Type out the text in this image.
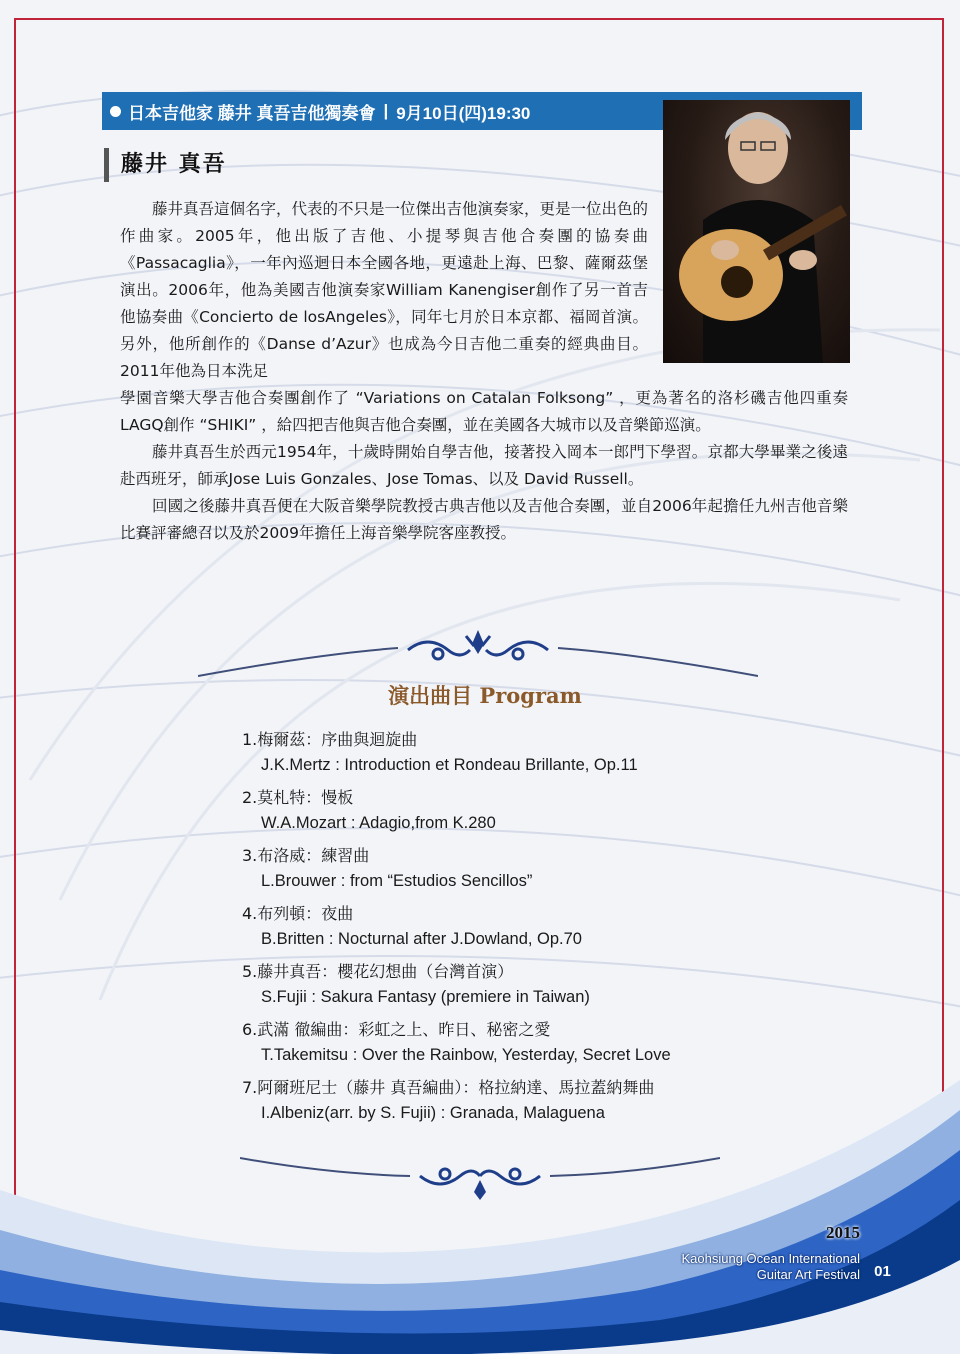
日本吉他家 藤井 真吾吉他獨奏會 | 9月10日(四)19:30
藤井 真吾

藤井真吾這個名字，代表的不只是一位傑出吉他演奏家，更是一位出色的作曲家。2005年，他出版了吉他、小提琴與吉他合奏團的協奏曲《Passacaglia》，一年內巡迴日本全國各地，更遠赴上海、巴黎、薩爾茲堡演出。2006年，他為美國吉他演奏家William Kanengiser創作了另一首吉他協奏曲《Concierto de losAngeles》，同年七月於日本京都、福岡首演。另外，他所創作的《Danse d’Azur》也成為今日吉他二重奏的經典曲目。2011年他為日本洗足

學園音樂大學吉他合奏團創作了 “Variations on Catalan Folksong” ，更為著名的洛杉磯吉他四重奏LAGQ創作 “SHIKI” ，給四把吉他與吉他合奏團，並在美國各大城市以及音樂節巡演。

藤井真吾生於西元1954年，十歲時開始自學吉他，接著投入岡本一郎門下學習。京都大學畢業之後遠赴西班牙，師承Jose Luis Gonzales、Jose Tomas、以及 David Russell。

回國之後藤井真吾便在大阪音樂學院教授古典吉他以及吉他合奏團，並自2006年起擔任九州吉他音樂比賽評審總召以及於2009年擔任上海音樂學院客座教授。

演出曲目 Program
1.梅爾茲：序曲與迴旋曲
J.K.Mertz : Introduction et Rondeau Brillante, Op.11
2.莫札特：慢板
W.A.Mozart : Adagio,from K.280
3.布洛威：練習曲
L.Brouwer : from “Estudios Sencillos”
4.布列頓：夜曲
B.Britten : Nocturnal after J.Dowland, Op.70
5.藤井真吾：櫻花幻想曲（台灣首演）
S.Fujii : Sakura Fantasy (premiere in Taiwan)
6.武滿 徹編曲：彩虹之上、昨日、秘密之愛
T.Takemitsu : Over the Rainbow, Yesterday, Secret Love
7.阿爾班尼士（藤井 真吾編曲）：格拉納達、馬拉蓋納舞曲
I.Albeniz(arr. by S. Fujii) : Granada, Malaguena
2015
Kaohsiung Ocean International
Guitar Art Festival 01
